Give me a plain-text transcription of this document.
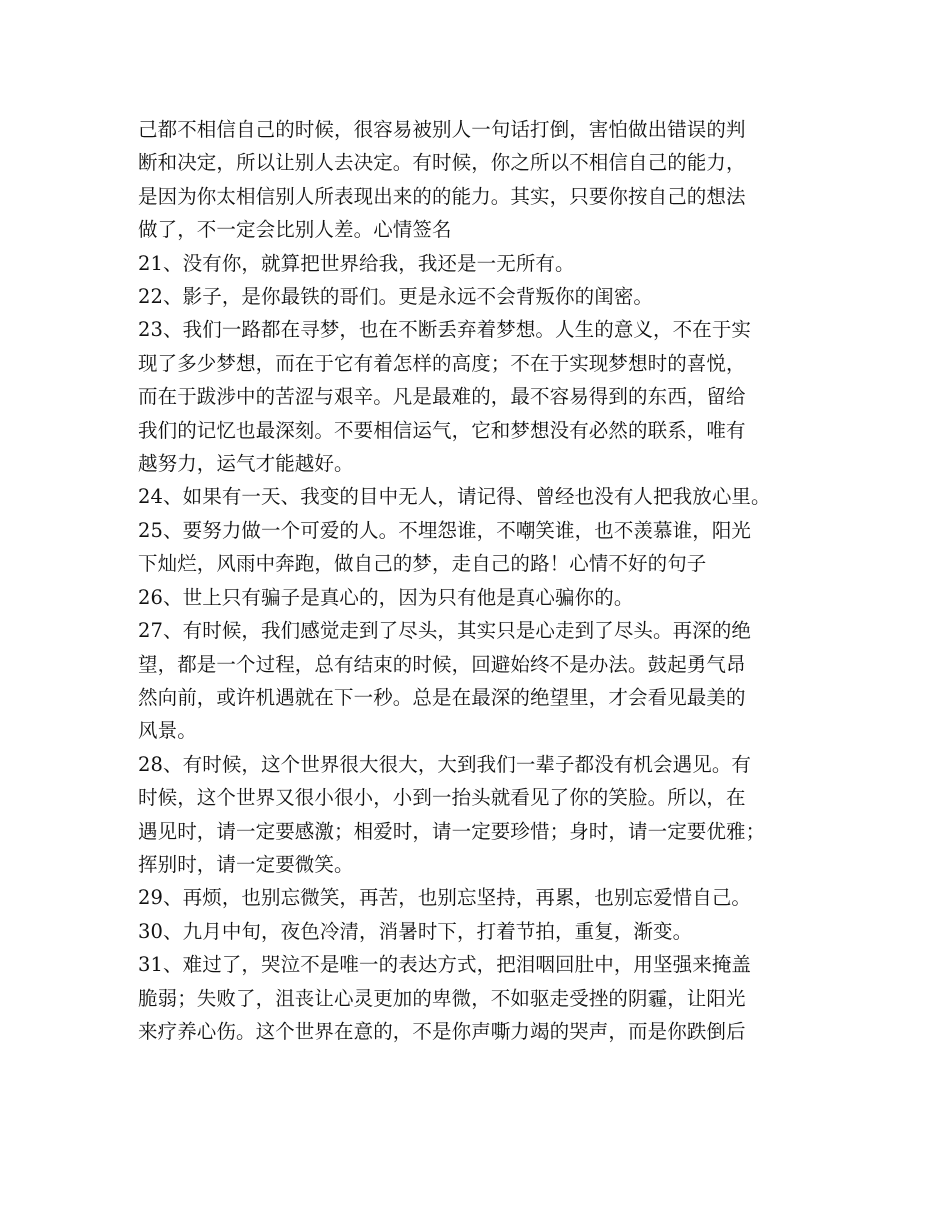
己都不相信自己的时候，很容易被别人一句话打倒，害怕做出错误的判
断和决定，所以让别人去决定。有时候，你之所以不相信自己的能力，
是因为你太相信别人所表现出来的的能力。其实，只要你按自己的想法
做了，不一定会比别人差。心情签名
21、没有你，就算把世界给我，我还是一无所有。
22、影子，是你最铁的哥们。更是永远不会背叛你的闺密。
23、我们一路都在寻梦，也在不断丢弃着梦想。人生的意义，不在于实
现了多少梦想，而在于它有着怎样的高度；不在于实现梦想时的喜悦，
而在于跋涉中的苦涩与艰辛。凡是最难的，最不容易得到的东西，留给
我们的记忆也最深刻。不要相信运气，它和梦想没有必然的联系，唯有
越努力，运气才能越好。
24、如果有一天、我变的目中无人，请记得、曾经也没有人把我放心里。
25、要努力做一个可爱的人。不埋怨谁，不嘲笑谁，也不羡慕谁，阳光
下灿烂，风雨中奔跑，做自己的梦，走自己的路！心情不好的句子
26、世上只有骗子是真心的，因为只有他是真心骗你的。
27、有时候，我们感觉走到了尽头，其实只是心走到了尽头。再深的绝
望，都是一个过程，总有结束的时候，回避始终不是办法。鼓起勇气昂
然向前，或许机遇就在下一秒。总是在最深的绝望里，才会看见最美的
风景。
28、有时候，这个世界很大很大，大到我们一辈子都没有机会遇见。有
时候，这个世界又很小很小，小到一抬头就看见了你的笑脸。所以，在
遇见时，请一定要感激；相爱时，请一定要珍惜；身时，请一定要优雅；
挥别时，请一定要微笑。
29、再烦，也别忘微笑，再苦，也别忘坚持，再累，也别忘爱惜自己。
30、九月中旬，夜色冷清，消暑时下，打着节拍，重复，渐变。
31、难过了，哭泣不是唯一的表达方式，把泪咽回肚中，用坚强来掩盖
脆弱；失败了，沮丧让心灵更加的卑微，不如驱走受挫的阴霾，让阳光
来疗养心伤。这个世界在意的，不是你声嘶力竭的哭声，而是你跌倒后
